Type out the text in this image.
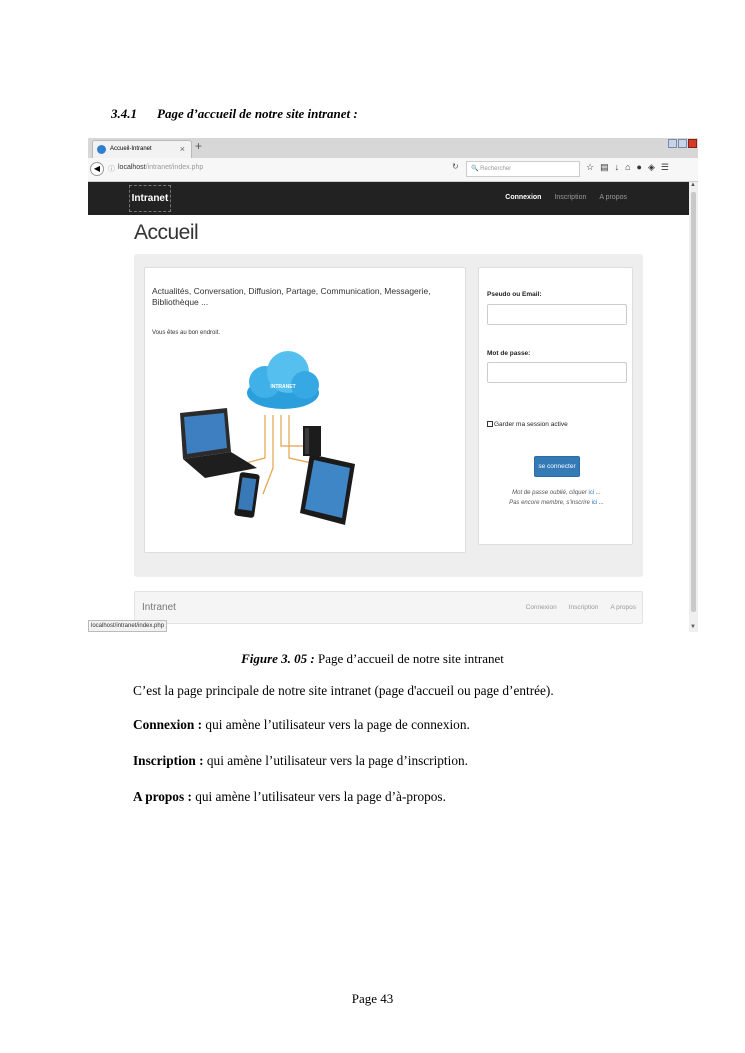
3.4.1 Page d’accueil de notre site intranet :
Accueil-Intranet	× +
◀	ⓘ localhost/intranet/index.php	↻	🔍 Rechercher	☆ ▤ ↓ ⌂ ● ◈ ☰
Intranet	Connexion Inscription A propos
▲
▼
Accueil
Actualités, Conversation, Diffusion, Partage, Communication, Messagerie, Bibliothèque ...
Vous êtes au bon endroit.
INTRANET
Pseudo ou Email:
Mot de passe:
Garder ma session active
se connecter
Mot de passe oublié, cliquer ici ...
Pas encore membre, s'inscrire ici ...
Intranet	Connexion Inscription A propos
localhost/intranet/index.php
Figure 3. 05 : Page d’accueil de notre site intranet
C’est la page principale de notre site intranet (page d'accueil ou page d’entrée).
Connexion : qui amène l’utilisateur vers la page de connexion.
Inscription : qui amène l’utilisateur vers la page d’inscription.
A propos : qui amène l’utilisateur vers la page d’à-propos.
Page 43
